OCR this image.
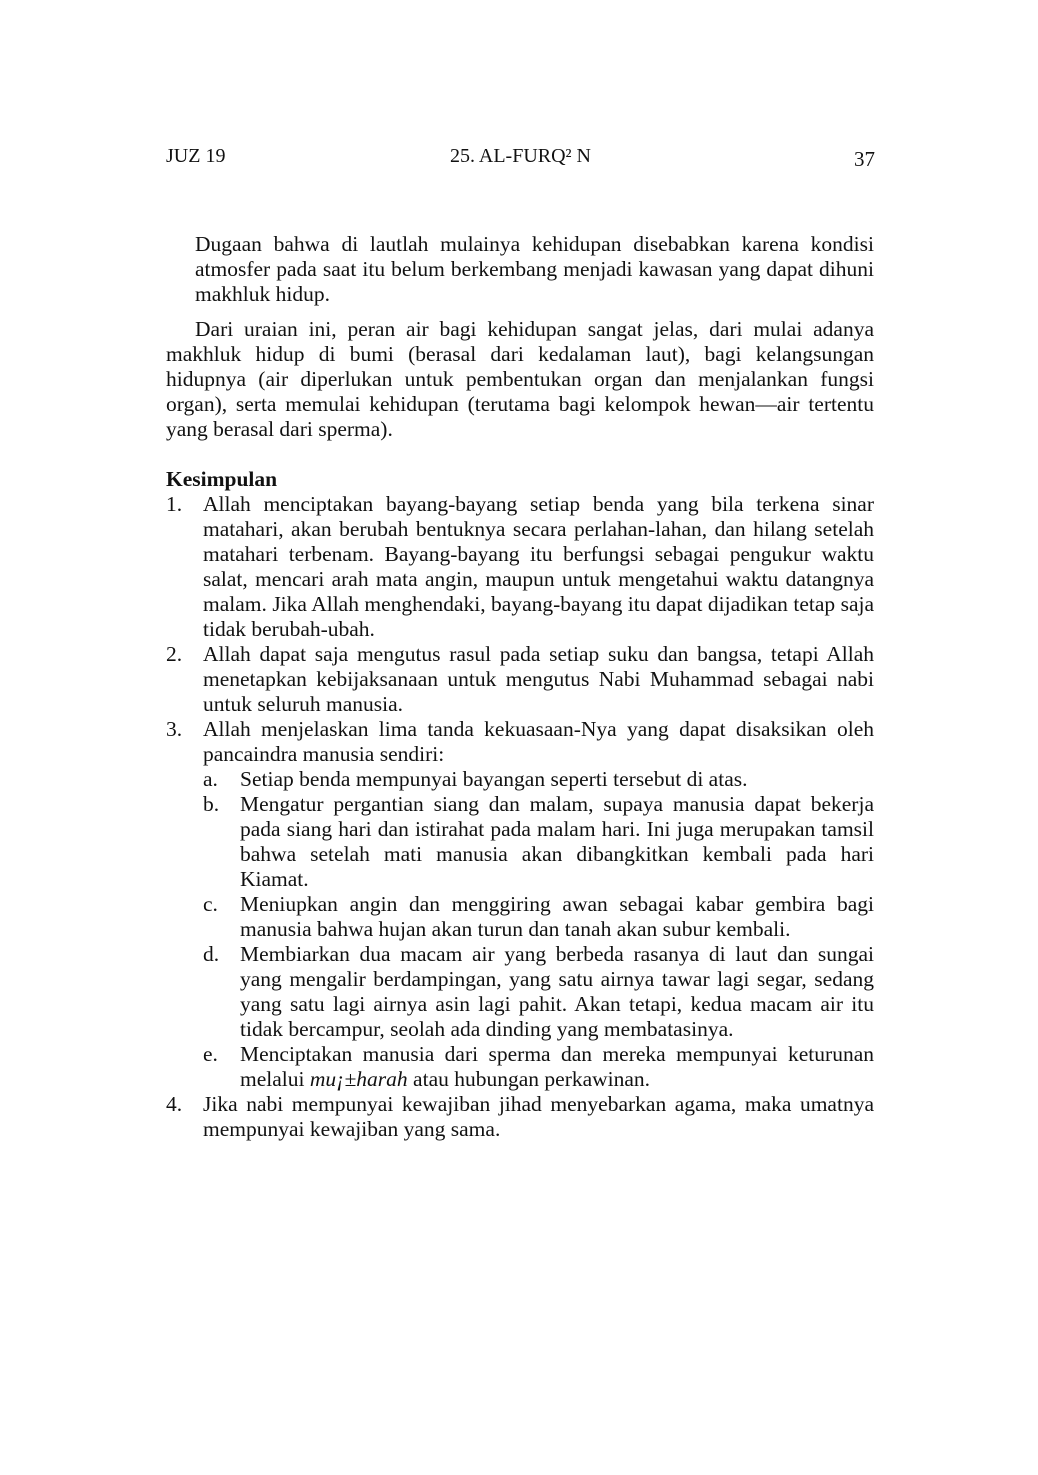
JUZ 19	25. AL-FURQ² N	37

Dugaan bahwa di lautlah mulainya kehidupan disebabkan karena kondisi atmosfer pada saat itu belum berkembang menjadi kawasan yang dapat dihuni makhluk hidup.

Dari uraian ini, peran air bagi kehidupan sangat jelas, dari mulai adanya makhluk hidup di bumi (berasal dari kedalaman laut), bagi kelangsungan hidupnya (air diperlukan untuk pembentukan organ dan menjalankan fungsi organ), serta memulai kehidupan (terutama bagi kelompok hewan—air tertentu yang berasal dari sperma).

Kesimpulan
1. Allah menciptakan bayang-bayang setiap benda yang bila terkena sinar matahari, akan berubah bentuknya secara perlahan-lahan, dan hilang setelah matahari terbenam. Bayang-bayang itu berfungsi sebagai pengukur waktu salat, mencari arah mata angin, maupun untuk mengetahui waktu datangnya malam. Jika Allah menghendaki, bayang-bayang itu dapat dijadikan tetap saja tidak berubah-ubah.
2. Allah dapat saja mengutus rasul pada setiap suku dan bangsa, tetapi Allah menetapkan kebijaksanaan untuk mengutus Nabi Muhammad sebagai nabi untuk seluruh manusia.
3. Allah menjelaskan lima tanda kekuasaan-Nya yang dapat disaksikan oleh pancaindra manusia sendiri:
a. Setiap benda mempunyai bayangan seperti tersebut di atas.
b. Mengatur pergantian siang dan malam, supaya manusia dapat bekerja pada siang hari dan istirahat pada malam hari. Ini juga merupakan tamsil bahwa setelah mati manusia akan dibangkitkan kembali pada hari Kiamat.
c. Meniupkan angin dan menggiring awan sebagai kabar gembira bagi manusia bahwa hujan akan turun dan tanah akan subur kembali.
d. Membiarkan dua macam air yang berbeda rasanya di laut dan sungai yang mengalir berdampingan, yang satu airnya tawar lagi segar, sedang yang satu lagi airnya asin lagi pahit. Akan tetapi, kedua macam air itu tidak bercampur, seolah ada dinding yang membatasinya.
e. Menciptakan manusia dari sperma dan mereka mempunyai keturunan melalui mu¡±harah atau hubungan perkawinan.
4. Jika nabi mempunyai kewajiban jihad menyebarkan agama, maka umatnya mempunyai kewajiban yang sama.
